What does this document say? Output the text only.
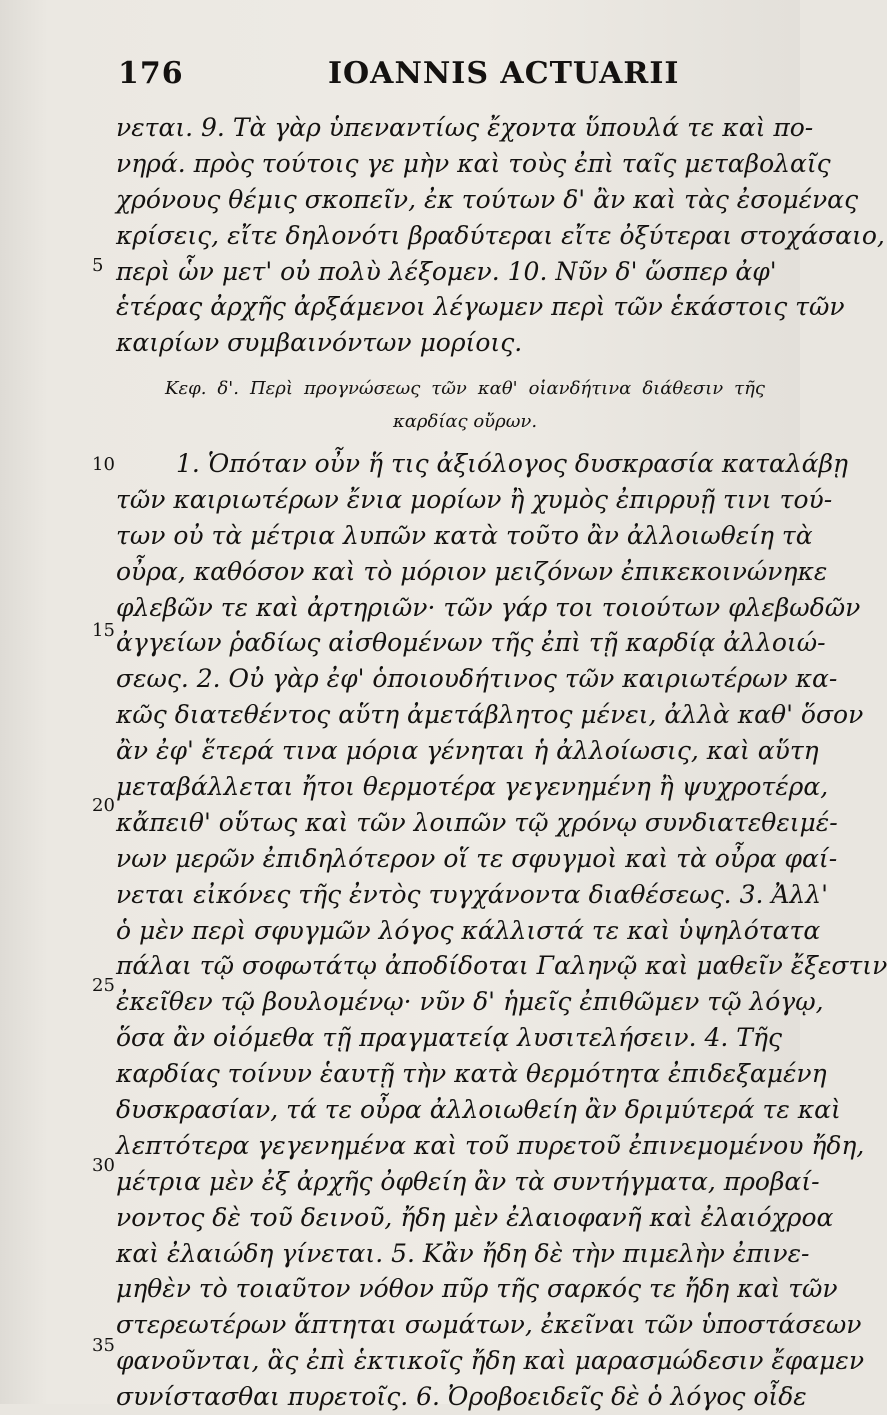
176	IOANNIS ACTUARII
νεται. 9. Τὰ γὰρ ὑπεναντίως ἔχοντα ὕπουλά τε καὶ πο-
νηρά. πρὸς τούτοις γε μὴν καὶ τοὺς ἐπὶ ταῖς μεταβολαῖς
χρόνους θέμις σκοπεῖν, ἐκ τούτων δ' ἂν καὶ τὰς ἐσομένας
κρίσεις, εἴτε δηλονότι βραδύτεραι εἴτε ὀξύτεραι στοχάσαιο,
περὶ ὧν μετ' οὐ πολὺ λέξομεν. 10. Νῦν δ' ὥσπερ ἀφ'
ἑτέρας ἀρχῆς ἀρξάμενοι λέγωμεν περὶ τῶν ἑκάστοις τῶν
καιρίων συμβαινόντων μορίοις.
Κεφ. δ'. Περὶ προγνώσεως τῶν καθ' οἱανδήτινα διάθεσιν τῆς
καρδίας οὔρων.
1. Ὁπόταν οὖν ἥ τις ἀξιόλογος δυσκρασία καταλάβῃ
τῶν καιριωτέρων ἔνια μορίων ἢ χυμὸς ἐπιρρυῇ τινι τού-
των οὐ τὰ μέτρια λυπῶν κατὰ τοῦτο ἂν ἀλλοιωθείη τὰ
οὖρα, καθόσον καὶ τὸ μόριον μειζόνων ἐπικεκοινώνηκε
φλεβῶν τε καὶ ἀρτηριῶν· τῶν γάρ τοι τοιούτων φλεβωδῶν
ἀγγείων ῥαδίως αἰσθομένων τῆς ἐπὶ τῇ καρδίᾳ ἀλλοιώ-
σεως. 2. Οὐ γὰρ ἐφ' ὁποιουδήτινος τῶν καιριωτέρων κα-
κῶς διατεθέντος αὕτη ἀμετάβλητος μένει, ἀλλὰ καθ' ὅσον
ἂν ἐφ' ἕτερά τινα μόρια γένηται ἡ ἀλλοίωσις, καὶ αὕτη
μεταβάλλεται ἤτοι θερμοτέρα γεγενημένη ἢ ψυχροτέρα,
κἄπειθ' οὕτως καὶ τῶν λοιπῶν τῷ χρόνῳ συνδιατεθειμέ-
νων μερῶν ἐπιδηλότερον οἵ τε σφυγμοὶ καὶ τὰ οὖρα φαί-
νεται εἰκόνες τῆς ἐντὸς τυγχάνοντα διαθέσεως. 3. Ἀλλ'
ὁ μὲν περὶ σφυγμῶν λόγος κάλλιστά τε καὶ ὑψηλότατα
πάλαι τῷ σοφωτάτῳ ἀποδίδοται Γαληνῷ καὶ μαθεῖν ἔξεστιν
ἐκεῖθεν τῷ βουλομένῳ· νῦν δ' ἡμεῖς ἐπιθῶμεν τῷ λόγῳ,
ὅσα ἂν οἰόμεθα τῇ πραγματείᾳ λυσιτελήσειν. 4. Τῆς
καρδίας τοίνυν ἑαυτῇ τὴν κατὰ θερμότητα ἐπιδεξαμένη
δυσκρασίαν, τά τε οὖρα ἀλλοιωθείη ἂν δριμύτερά τε καὶ
λεπτότερα γεγενημένα καὶ τοῦ πυρετοῦ ἐπινεμομένου ἤδη,
μέτρια μὲν ἐξ ἀρχῆς ὀφθείη ἂν τὰ συντήγματα, προβαί-
νοντος δὲ τοῦ δεινοῦ, ἤδη μὲν ἐλαιοφανῆ καὶ ἐλαιόχροα
καὶ ἐλαιώδη γίνεται. 5. Κἂν ἤδη δὲ τὴν πιμελὴν ἐπινε-
μηθὲν τὸ τοιαῦτον νόθον πῦρ τῆς σαρκός τε ἤδη καὶ τῶν
στερεωτέρων ἅπτηται σωμάτων, ἐκεῖναι τῶν ὑποστάσεων
φανοῦνται, ἃς ἐπὶ ἑκτικοῖς ἤδη καὶ μαρασμώδεσιν ἔφαμεν
συνίστασθαι πυρετοῖς. 6. Ὀροβοειδεῖς δὲ ὁ λόγος οἶδε
5
10
15
20
25
30
35
